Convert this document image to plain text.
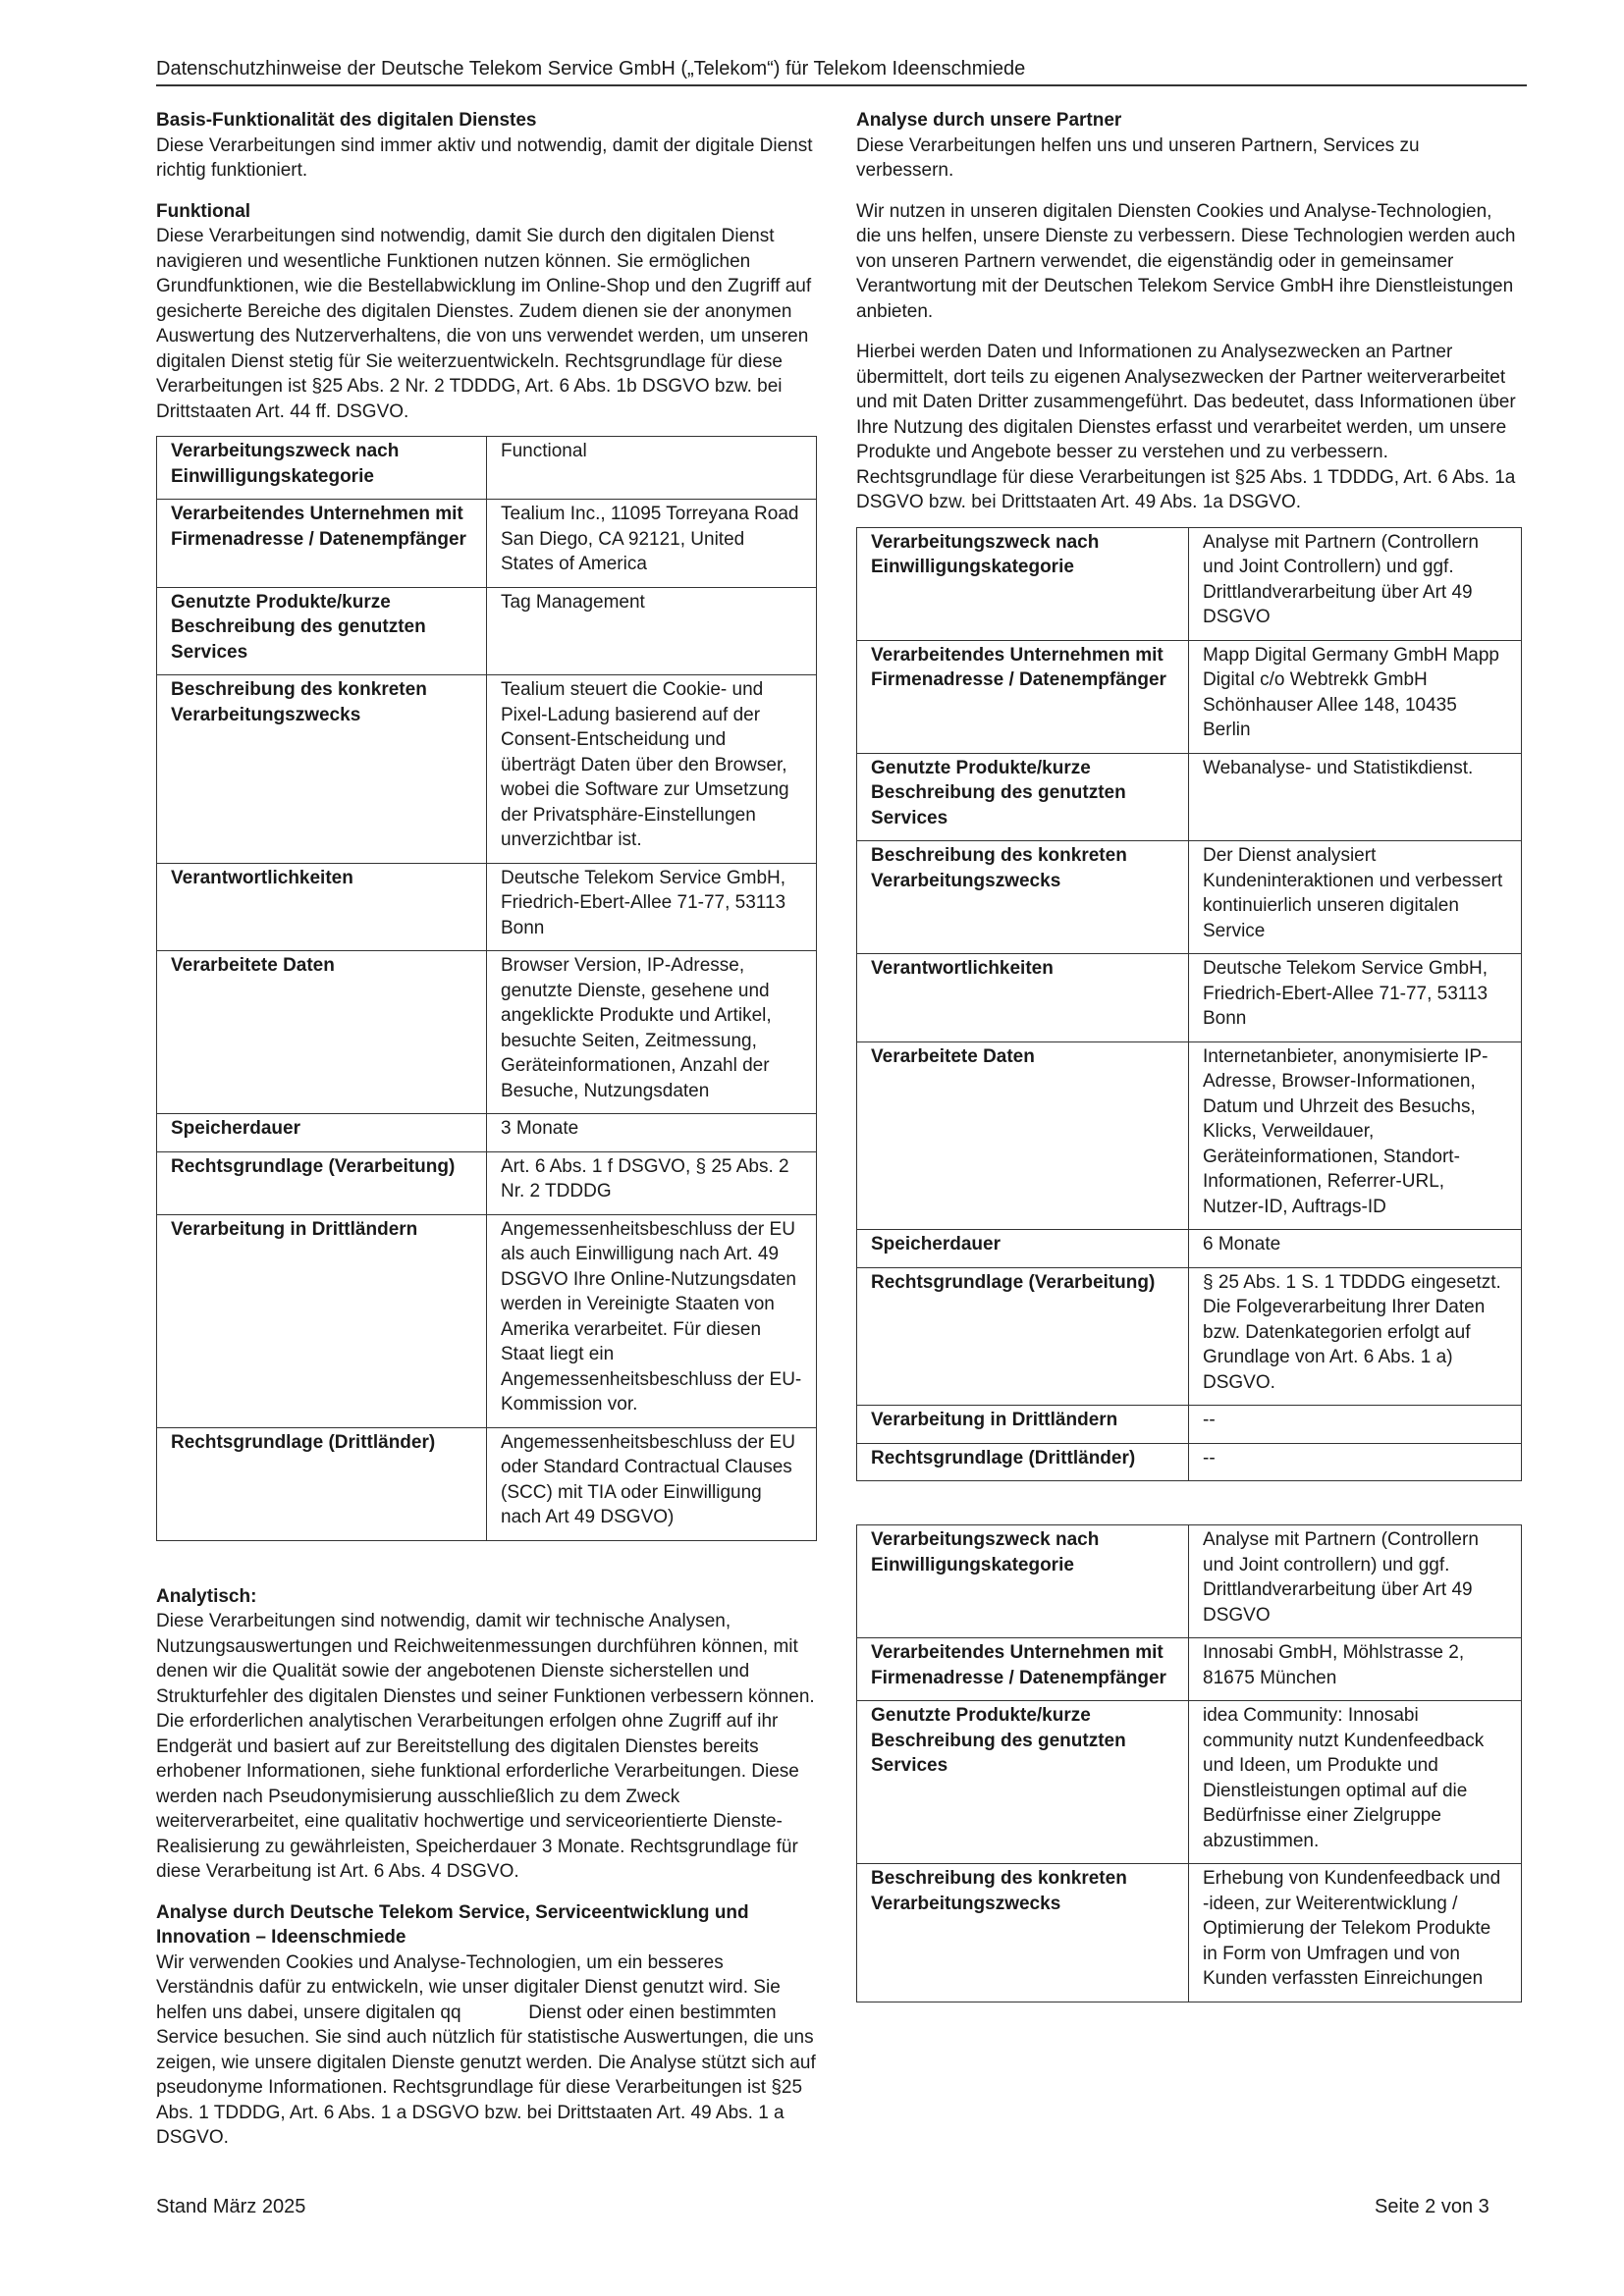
Datenschutzhinweise der Deutsche Telekom Service GmbH („Telekom“) für Telekom Ideenschmiede
Basis-Funktionalität des digitalen Dienstes

Diese Verarbeitungen sind immer aktiv und notwendig, damit der digitale Dienst richtig funktioniert.

Funktional

Diese Verarbeitungen sind notwendig, damit Sie durch den digitalen Dienst navigieren und wesentliche Funktionen nutzen können. Sie ermöglichen Grundfunktionen, wie die Bestellabwicklung im Online-Shop und den Zugriff auf gesicherte Bereiche des digitalen Dienstes. Zudem dienen sie der anonymen Auswertung des Nutzerverhaltens, die von uns verwendet werden, um unseren digitalen Dienst stetig für Sie weiterzuentwickeln. Rechtsgrundlage für diese Verarbeitungen ist §25 Abs. 2 Nr. 2 TDDDG, Art. 6 Abs. 1b DSGVO bzw. bei Drittstaaten Art. 44 ff. DSGVO.

Verarbeitungszweck nach Einwilligungskategorie	Functional
Verarbeitendes Unternehmen mit Firmenadresse / Datenempfänger	Tealium Inc., 11095 Torreyana Road San Diego, CA 92121, United States of America
Genutzte Produkte/kurze Beschreibung des genutzten Services	Tag Management
Beschreibung des konkreten Verarbeitungszwecks	Tealium steuert die Cookie- und Pixel-Ladung basierend auf der Consent-Entscheidung und überträgt Daten über den Browser, wobei die Software zur Umsetzung der Privatsphäre-Einstellungen unverzichtbar ist.
Verantwortlichkeiten	Deutsche Telekom Service GmbH, Friedrich-Ebert-Allee 71-77, 53113 Bonn
Verarbeitete Daten	Browser Version, IP-Adresse, genutzte Dienste, gesehene und angeklickte Produkte und Artikel, besuchte Seiten, Zeitmessung, Geräteinformationen, Anzahl der Besuche, Nutzungsdaten
Speicherdauer	3 Monate
Rechtsgrundlage (Verarbeitung)	Art. 6 Abs. 1 f DSGVO, § 25 Abs. 2 Nr. 2 TDDDG
Verarbeitung in Drittländern	Angemessenheitsbeschluss der EU als auch Einwilligung nach Art. 49 DSGVO Ihre Online-Nutzungsdaten werden in Vereinigte Staaten von Amerika verarbeitet. Für diesen Staat liegt ein Angemessenheitsbeschluss der EU-Kommission vor.
Rechtsgrundlage (Drittländer)	Angemessenheitsbeschluss der EU oder Standard Contractual Clauses (SCC) mit TIA oder Einwilligung nach Art 49 DSGVO)
Analytisch:

Diese Verarbeitungen sind notwendig, damit wir technische Analysen, Nutzungsauswertungen und Reichweitenmessungen durchführen können, mit denen wir die Qualität sowie der angebotenen Dienste sicherstellen und Strukturfehler des digitalen Dienstes und seiner Funktionen verbessern können. Die erforderlichen analytischen Verarbeitungen erfolgen ohne Zugriff auf ihr Endgerät und basiert auf zur Bereitstellung des digitalen Dienstes bereits erhobener Informationen, siehe funktional erforderliche Verarbeitungen. Diese werden nach Pseudonymisierung ausschließlich zu dem Zweck weiterverarbeitet, eine qualitativ hochwertige und serviceorientierte Dienste-Realisierung zu gewährleisten, Speicherdauer 3 Monate. Rechtsgrundlage für diese Verarbeitung ist Art. 6 Abs. 4 DSGVO.

Analyse durch Deutsche Telekom Service, Serviceentwicklung und Innovation – Ideenschmiede

Wir verwenden Cookies und Analyse-Technologien, um ein besseres Verständnis dafür zu entwickeln, wie unser digitaler Dienst genutzt wird. Sie helfen uns dabei, unsere digitalen qq             Dienst oder einen bestimmten Service besuchen. Sie sind auch nützlich für statistische Auswertungen, die uns zeigen, wie unsere digitalen Dienste genutzt werden. Die Analyse stützt sich auf pseudonyme Informationen. Rechtsgrundlage für diese Verarbeitungen ist §25 Abs. 1 TDDDG, Art. 6 Abs. 1 a DSGVO bzw. bei Drittstaaten Art. 49 Abs. 1 a DSGVO.

Analyse durch unsere Partner

Diese Verarbeitungen helfen uns und unseren Partnern, Services zu verbessern.

Wir nutzen in unseren digitalen Diensten Cookies und Analyse-Technologien, die uns helfen, unsere Dienste zu verbessern. Diese Technologien werden auch von unseren Partnern verwendet, die eigenständig oder in gemeinsamer Verantwortung mit der Deutschen Telekom Service GmbH ihre Dienstleistungen anbieten.

Hierbei werden Daten und Informationen zu Analysezwecken an Partner übermittelt, dort teils zu eigenen Analysezwecken der Partner weiterverarbeitet und mit Daten Dritter zusammengeführt. Das bedeutet, dass Informationen über Ihre Nutzung des digitalen Dienstes erfasst und verarbeitet werden, um unsere Produkte und Angebote besser zu verstehen und zu verbessern. Rechtsgrundlage für diese Verarbeitungen ist §25 Abs. 1 TDDDG, Art. 6 Abs. 1a DSGVO bzw. bei Drittstaaten Art. 49 Abs. 1a DSGVO.

Verarbeitungszweck nach Einwilligungskategorie	Analyse mit Partnern (Controllern und Joint Controllern) und ggf. Drittlandverarbeitung über Art 49 DSGVO
Verarbeitendes Unternehmen mit Firmenadresse / Datenempfänger	Mapp Digital Germany GmbH Mapp Digital c/o Webtrekk GmbH Schönhauser Allee 148, 10435 Berlin
Genutzte Produkte/kurze Beschreibung des genutzten Services	Webanalyse- und Statistikdienst.
Beschreibung des konkreten Verarbeitungszwecks	Der Dienst analysiert Kundeninteraktionen und verbessert kontinuierlich unseren digitalen Service
Verantwortlichkeiten	Deutsche Telekom Service GmbH, Friedrich-Ebert-Allee 71-77, 53113 Bonn
Verarbeitete Daten	Internetanbieter, anonymisierte IP-Adresse, Browser-Informationen, Datum und Uhrzeit des Besuchs, Klicks, Verweildauer, Geräteinformationen, Standort-Informationen, Referrer-URL, Nutzer-ID, Auftrags-ID
Speicherdauer	6 Monate
Rechtsgrundlage (Verarbeitung)	§ 25 Abs. 1 S. 1 TDDDG eingesetzt. Die Folgeverarbeitung Ihrer Daten bzw. Datenkategorien erfolgt auf Grundlage von Art. 6 Abs. 1 a) DSGVO.
Verarbeitung in Drittländern	--
Rechtsgrundlage (Drittländer)	--
Verarbeitungszweck nach Einwilligungskategorie	Analyse mit Partnern (Controllern und Joint controllern) und ggf. Drittlandverarbeitung über Art 49 DSGVO
Verarbeitendes Unternehmen mit Firmenadresse / Datenempfänger	Innosabi GmbH, Möhlstrasse 2, 81675 München
Genutzte Produkte/kurze Beschreibung des genutzten Services	idea Community: Innosabi community nutzt Kundenfeedback und Ideen, um Produkte und Dienstleistungen optimal auf die Bedürfnisse einer Zielgruppe abzustimmen.
Beschreibung des konkreten Verarbeitungszwecks	Erhebung von Kundenfeedback und -ideen, zur Weiterentwicklung / Optimierung der Telekom Produkte in Form von Umfragen und von Kunden verfassten Einreichungen
Stand März 2025	Seite 2 von 3
